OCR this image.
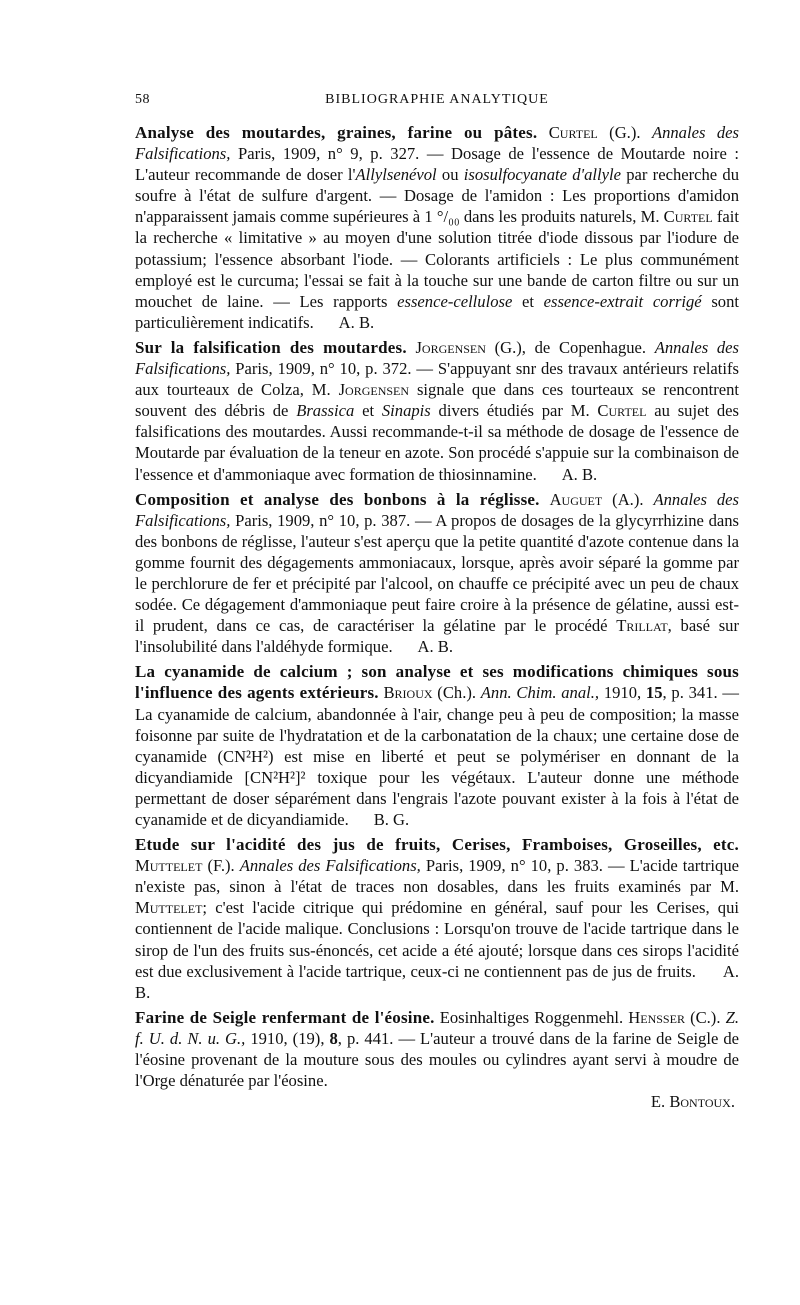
58	BIBLIOGRAPHIE ANALYTIQUE

Analyse des moutardes, graines, farine ou pâtes. Curtel (G.). Annales des Falsifications, Paris, 1909, n° 9, p. 327. — Dosage de l'essence de Moutarde noire : L'auteur recommande de doser l'Allylsenévol ou isosulfocyanate d'allyle par recherche du soufre à l'état de sulfure d'argent. — Dosage de l'amidon : Les proportions d'amidon n'apparaissent jamais comme supérieures à 1 °/₀₀ dans les produits naturels, M. Curtel fait la recherche « limitative » au moyen d'une solution titrée d'iode dissous par l'iodure de potassium; l'essence absorbant l'iode. — Colorants artificiels : Le plus communément employé est le curcuma; l'essai se fait à la touche sur une bande de carton filtre ou sur un mouchet de laine. — Les rapports essence-cellulose et essence-extrait corrigé sont particulièrement indicatifs. A. B.

Sur la falsification des moutardes. Jorgensen (G.), de Copenhague. Annales des Falsifications, Paris, 1909, n° 10, p. 372. — S'appuyant snr des travaux antérieurs relatifs aux tourteaux de Colza, M. Jorgensen signale que dans ces tourteaux se rencontrent souvent des débris de Brassica et Sinapis divers étudiés par M. Curtel au sujet des falsifications des moutardes. Aussi recommande-t-il sa méthode de dosage de l'essence de Moutarde par évaluation de la teneur en azote. Son procédé s'appuie sur la combinaison de l'essence et d'ammoniaque avec formation de thiosinnamine. A. B.

Composition et analyse des bonbons à la réglisse. Auguet (A.). Annales des Falsifications, Paris, 1909, n° 10, p. 387. — A propos de dosages de la glycyrrhizine dans des bonbons de réglisse, l'auteur s'est aperçu que la petite quantité d'azote contenue dans la gomme fournit des dégagements ammoniacaux, lorsque, après avoir séparé la gomme par le perchlorure de fer et précipité par l'alcool, on chauffe ce précipité avec un peu de chaux sodée. Ce dégagement d'ammoniaque peut faire croire à la présence de gélatine, aussi est-il prudent, dans ce cas, de caractériser la gélatine par le procédé Trillat, basé sur l'insolubilité dans l'aldéhyde formique. A. B.

La cyanamide de calcium ; son analyse et ses modifications chimiques sous l'influence des agents extérieurs. Brioux (Ch.). Ann. Chim. anal., 1910, 15, p. 341. — La cyanamide de calcium, abandonnée à l'air, change peu à peu de composition; la masse foisonne par suite de l'hydratation et de la carbonatation de la chaux; une certaine dose de cyanamide (CN²H²) est mise en liberté et peut se polymériser en donnant de la dicyandiamide [CN²H²]² toxique pour les végétaux. L'auteur donne une méthode permettant de doser séparément dans l'engrais l'azote pouvant exister à la fois à l'état de cyanamide et de dicyandiamide. B. G.

Etude sur l'acidité des jus de fruits, Cerises, Framboises, Groseilles, etc. Muttelet (F.). Annales des Falsifications, Paris, 1909, n° 10, p. 383. — L'acide tartrique n'existe pas, sinon à l'état de traces non dosables, dans les fruits examinés par M. Muttelet; c'est l'acide citrique qui prédomine en général, sauf pour les Cerises, qui contiennent de l'acide malique. Conclusions : Lorsqu'on trouve de l'acide tartrique dans le sirop de l'un des fruits sus-énoncés, cet acide a été ajouté; lorsque dans ces sirops l'acidité est due exclusivement à l'acide tartrique, ceux-ci ne contiennent pas de jus de fruits. A. B.

Farine de Seigle renfermant de l'éosine. Eosinhaltiges Roggenmehl. Hensser (C.). Z. f. U. d. N. u. G., 1910, (19), 8, p. 441. — L'auteur a trouvé dans de la farine de Seigle de l'éosine provenant de la mouture sous des moules ou cylindres ayant servi à moudre de l'Orge dénaturée par l'éosine.

E. Bontoux.
